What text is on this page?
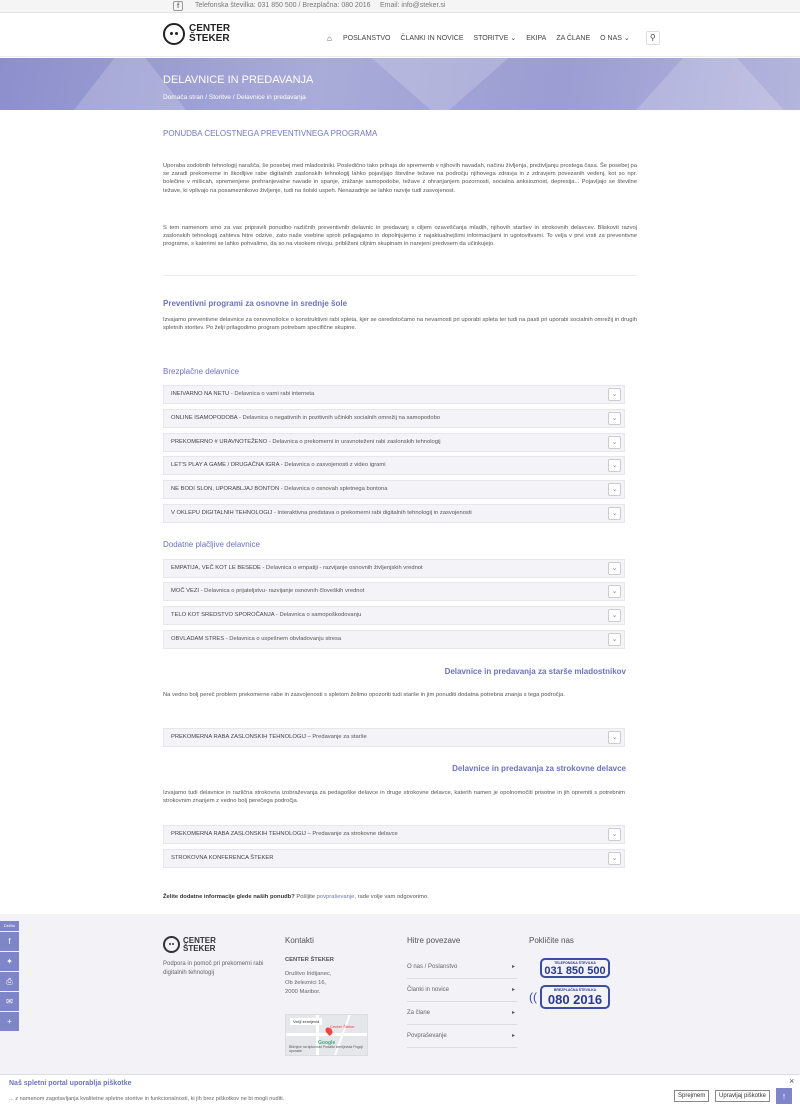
f	Telefonska številka: 031 850 500 / Brezplačna: 080 2016 Email: info@steker.si
CENTER
ŠTEKER	⌂	POSLANSTVO ČLANKI IN NOVICE STORITVE ⌄ EKIPA ZA ČLANE O NAS ⌄	⚲
DELAVNICE IN PREDAVANJA
Domača stran / Storitve / Delavnice in predavanja
PONUDBA CELOSTNEGA PREVENTIVNEGA PROGRAMA
Uporaba sodobnih tehnologij narašča, še posebej med mladostniki. Posledično tako prihaja do sprememb v njihovih navadah, načinu življenja, preživljanju prostega časa. Še posebej pa se zaradi prekomerne in škodljive rabe digitalnih zaslonskih tehnologij lahko pojavljajo številne težave na področju njihovega zdravja in z zdravjem povezanih vedenj, kot so npr. bolečine v mišicah, spremenjene prehranjevalne navade in spanje, znižanje samopodobe, težave z ohranjanjem pozornosti, socialna anksioznost, depresija... Pojavljajo se številne težave, ki vplivajo na posameznikovo življenje, tudi na šolski uspeh. Nenazadnje se lahko razvije tudi zasvojenost.
S tem namenom smo za vas pripravili ponudbo različnih preventivnih delavnic in predavanj s ciljem ozaveščanja mladih, njihovih staršev in strokovnih delavcev. Bliskovit razvoj zaslonskih tehnologij zahteva hitre odzive, zato naše vsebine sproti prilagajamo in dopolnjujemo z najaktualnejšimi informacijami in ugotovitvami. To velja v prvi vrsti za preventivne programe, s katerimi se lahko pohvalimo, da so na visokem nivoju, približani ciljnim skupinam in narejeni predvsem da učinkujejo.
Preventivni programi za osnovne in srednje šole
Izvajamo preventivne delavnice za osnovnošolce o konstruktivni rabi spleta, kjer se osredotočamo na nevarnosti pri uporabi spleta ter tudi na pasti pri uporabi socialnih omrežij in drugih spletnih storitev. Po želji prilagodimo program potrebam specifične skupine.
Brezplačne delavnice
INEIVARNO NA NETU - Delavnica o varni rabi interneta	⌄
ONLINE ISAMOPODOBA - Delavnica o negativnih in pozitivnih učinkih socialnih omrežij na samopodobo	⌄
PREKOMERNO # URAVNOTEŽENO - Delavnica o prekomerni in uravnoteženi rabi zaslonskih tehnologij	⌄
LET'S PLAY A GAME / DRUGAČNA IGRA - Delavnica o zasvojenosti z video igrami	⌄
NE BODI SLON, UPORABLJAJ BONTON - Delavnica o osnovah spletnega bontona	⌄
V OKLEPU DIGITALNIH TEHNOLOGIJ - Interaktivna predstava o prekomerni rabi digitalnih tehnologij in zasvojenosti	⌄
Dodatne plačljive delavnice
EMPATIJA, VEČ KOT LE BESEDE - Delavnica o empatiji - razvijanje osnovnih življenjskih vrednot	⌄
MOČ VEZI - Delavnica o prijateljstvu- razvijanje osnovnih človeških vrednot	⌄
TELO KOT SREDSTVO SPOROČANJA - Delavnica o samopoškodovanju	⌄
OBVLADAM STRES - Delavnica o uspešnem obvladovanju stresa	⌄
Delavnice in predavanja za starše mladostnikov
Na vedno bolj pereč problem prekomerne rabe in zasvojenosti s spletom želimo opozoriti tudi starše in jim ponuditi dodatna potrebna znanja s tega področja.
PREKOMERNA RABA ZASLONSKIH TEHNOLOGIJ – Predavanje za starše	⌄
Delavnice in predavanja za strokovne delavce
Izvajamo tudi delavnice in različna strokovna izobraževanja za pedagoške delavce in druge strokovne delavce, katerih namen je opolnomočiti prisotne in jih opremiti s potrebnim strokovnim znanjem z vedno bolj perečega področja.
PREKOMERNA RABA ZASLONSKIH TEHNOLOGIJ – Predavanje za strokovne delavce	⌄
STROKOVNA KONFERENCA ŠTEKER	⌄
Želite dodatne informacije glede naših ponudb? Pošljite povpraševanje, rade volje vam odgovorimo.
CENTER
ŠTEKER
Podpora in pomoč pri prekomerni rabi digitalnih tehnologij
Kontakti
CENTER ŠTEKER
Društvo Iridijanec,
Ob železnici 16,
2000 Maribor.
Večji zemljevid
Center Šteker
Google
Bližnjice na tipkovnici Podatki zemljevida Pogoji uporabe
Hitre povezave
O nas / Poslanstvo	▸
Članki in novice	▸
Za člane	▸
Povpraševanje	▸
Pokličite nas
TELEFONSKA ŠTEVILKA
031 850 500
((	BREZPLAČNA ŠTEVILKA
080 2016
Deli!to
f
✦
⎙
✉
+
Naš spletni portal uporablja piškotke
... z namenom zagotavljanja kvalitetne spletne storitve in funkcionalnosti, ki jih brez piškotkov ne bi mogli nuditi.	Sprejmem	Upravljaj piškotke
×
↑
